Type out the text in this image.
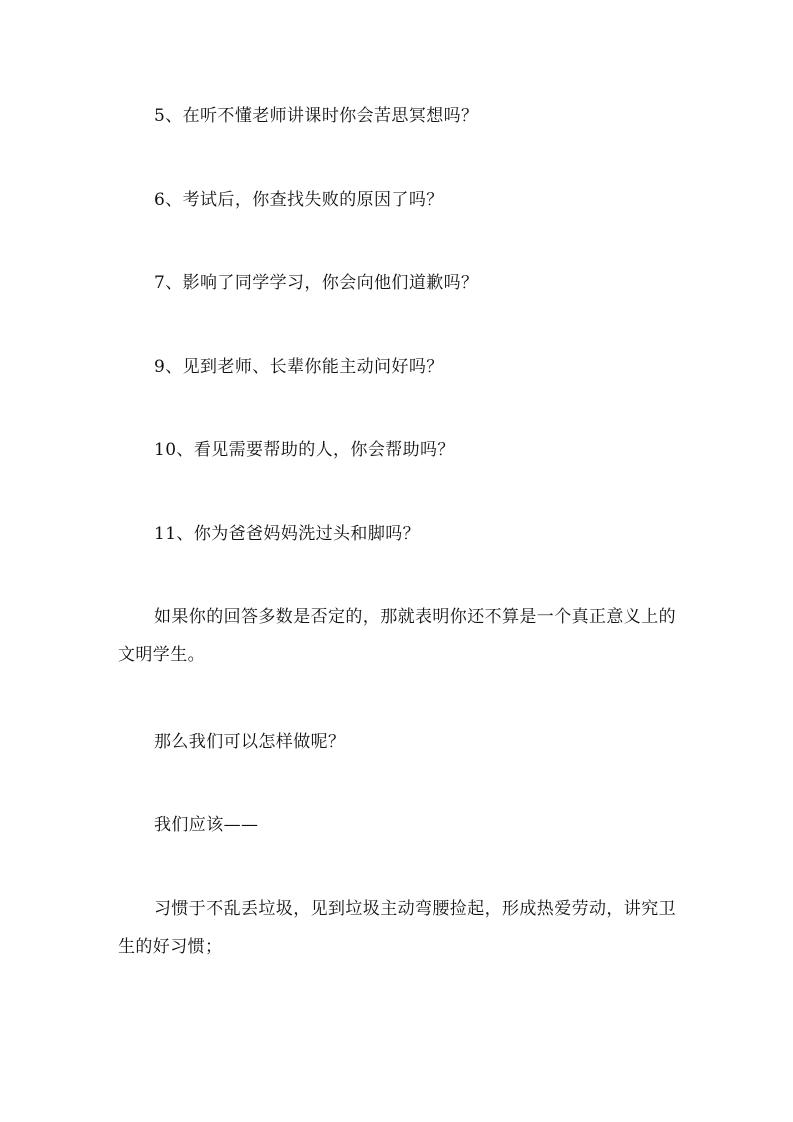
5、在听不懂老师讲课时你会苦思冥想吗？

6、考试后，你查找失败的原因了吗？

7、影响了同学学习，你会向他们道歉吗？

9、见到老师、长辈你能主动问好吗？

10、看见需要帮助的人，你会帮助吗？

11、你为爸爸妈妈洗过头和脚吗？

如果你的回答多数是否定的，那就表明你还不算是一个真正意义上的文明学生。

那么我们可以怎样做呢？

我们应该——

习惯于不乱丢垃圾，见到垃圾主动弯腰捡起，形成热爱劳动，讲究卫生的好习惯；
